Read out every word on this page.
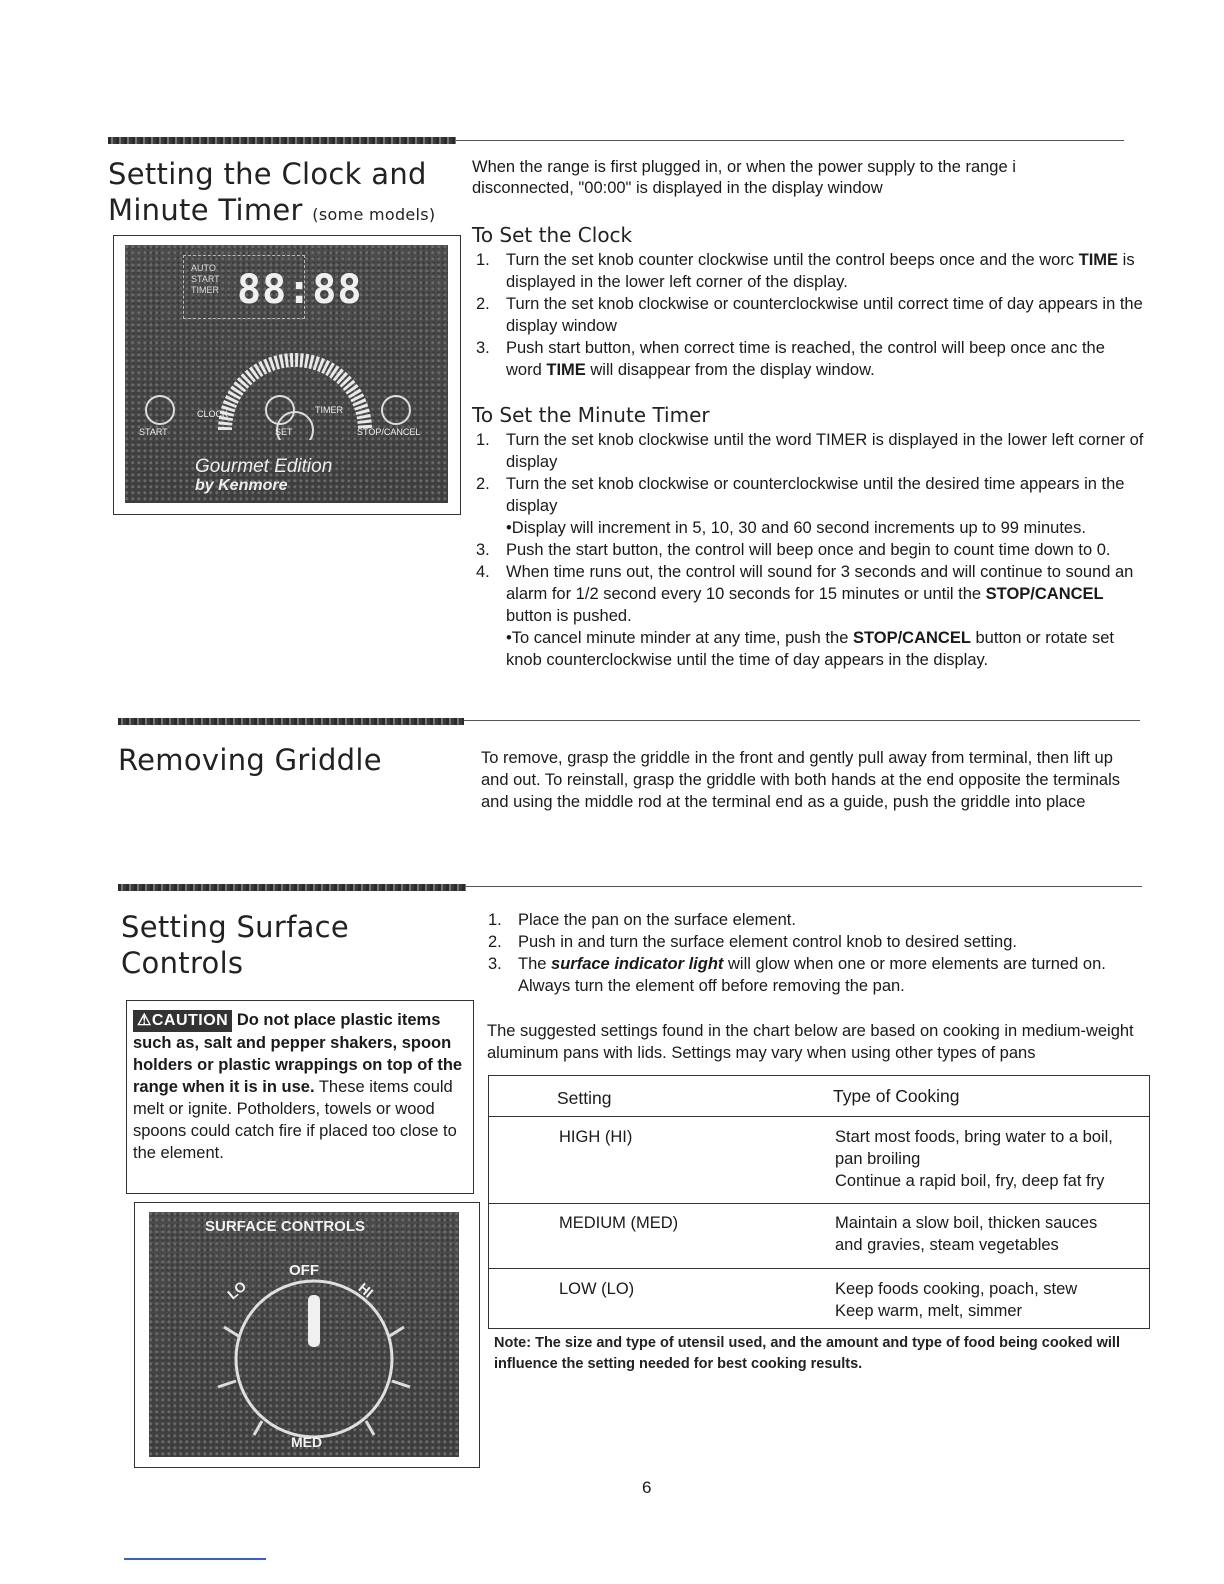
Setting the Clock and
Minute Timer (some models)
AUTO
START
TIMER 88:88
CLOCK	TIMER
START	SET	STOP/CANCEL
Gourmet Edition
by Kenmore
When the range is first plugged in, or when the power supply to the range i
disconnected, "00:00" is displayed in the display window
To Set the Clock
1. Turn the set knob counter clockwise until the control beeps once and the worc TIME is displayed in the lower left corner of the display.
2. Turn the set knob clockwise or counterclockwise until correct time of day appears in the display window
3. Push start button, when correct time is reached, the control will beep once anc the word TIME will disappear from the display window.
To Set the Minute Timer
1. Turn the set knob clockwise until the word TIMER is displayed in the lower left corner of display
2. Turn the set knob clockwise or counterclockwise until the desired time appears in the display
•Display will increment in 5, 10, 30 and 60 second increments up to 99 minutes.
3. Push the start button, the control will beep once and begin to count time down to 0.
4. When time runs out, the control will sound for 3 seconds and will continue to sound an alarm for 1/2 second every 10 seconds for 15 minutes or until the STOP/CANCEL button is pushed.
•To cancel minute minder at any time, push the STOP/CANCEL button or rotate set knob counterclockwise until the time of day appears in the display.
Removing Griddle	To remove, grasp the griddle in the front and gently pull away from terminal, then lift up and out. To reinstall, grasp the griddle with both hands at the end opposite the terminals and using the middle rod at the terminal end as a guide, push the griddle into place
Setting Surface
Controls
1. Place the pan on the surface element.
2. Push in and turn the surface element control knob to desired setting.
3. The surface indicator light will glow when one or more elements are turned on. Always turn the element off before removing the pan.
⚠CAUTION Do not place plastic items such as, salt and pepper shakers, spoon holders or plastic wrappings on top of the range when it is in use. These items could melt or ignite. Potholders, towels or wood spoons could catch fire if placed too close to the element.
SURFACE CONTROLS
OFF
LO	HI
MED
The suggested settings found in the chart below are based on cooking in medium-weight aluminum pans with lids. Settings may vary when using other types of pans
Setting	Type of Cooking
HIGH (HI)	Start most foods, bring water to a boil, pan broiling
Continue a rapid boil, fry, deep fat fry
MEDIUM (MED)	Maintain a slow boil, thicken sauces and gravies, steam vegetables
LOW (LO)	Keep foods cooking, poach, stew
Keep warm, melt, simmer
Note: The size and type of utensil used, and the amount and type of food being cooked will influence the setting needed for best cooking results.
6
